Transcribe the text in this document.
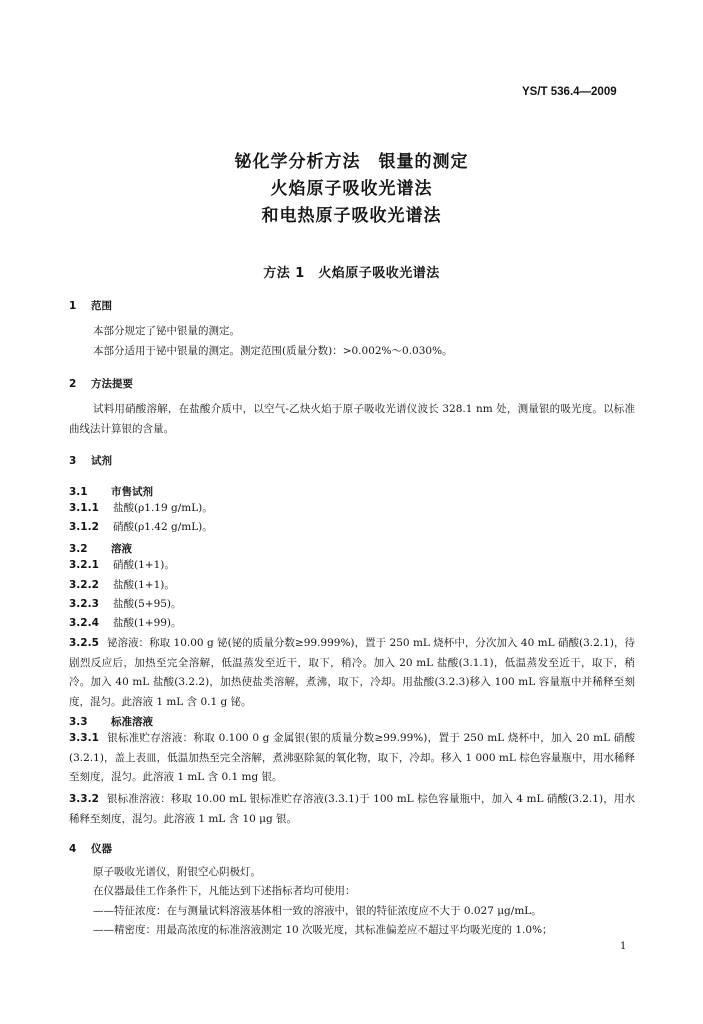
YS/T 536.4—2009
铋化学分析方法　银量的测定
火焰原子吸收光谱法
和电热原子吸收光谱法
方法 1　火焰原子吸收光谱法
1 范围
本部分规定了铋中银量的测定。
本部分适用于铋中银量的测定。测定范围(质量分数)：>0.002%～0.030%。
2 方法提要
试料用硝酸溶解，在盐酸介质中，以空气-乙炔火焰于原子吸收光谱仪波长 328.1 nm 处，测量银的吸光度。以标准曲线法计算银的含量。
3 试剂
3.1 市售试剂
3.1.1 盐酸(ρ1.19 g/mL)。
3.1.2 硝酸(ρ1.42 g/mL)。
3.2 溶液
3.2.1 硝酸(1+1)。
3.2.2 盐酸(1+1)。
3.2.3 盐酸(5+95)。
3.2.4 盐酸(1+99)。
3.2.5 铋溶液：称取 10.00 g 铋(铋的质量分数≥99.999%)，置于 250 mL 烧杯中，分次加入 40 mL 硝酸(3.2.1)，待剧烈反应后，加热至完全溶解，低温蒸发至近干，取下，稍冷。加入 20 mL 盐酸(3.1.1)，低温蒸发至近干，取下，稍冷。加入 40 mL 盐酸(3.2.2)，加热使盐类溶解，煮沸，取下，冷却。用盐酸(3.2.3)移入 100 mL 容量瓶中并稀释至刻度，混匀。此溶液 1 mL 含 0.1 g 铋。
3.3 标准溶液
3.3.1 银标准贮存溶液：称取 0.100 0 g 金属银(银的质量分数≥99.99%)，置于 250 mL 烧杯中，加入 20 mL 硝酸(3.2.1)，盖上表皿，低温加热至完全溶解，煮沸驱除氮的氧化物，取下，冷却。移入 1 000 mL 棕色容量瓶中，用水稀释至刻度，混匀。此溶液 1 mL 含 0.1 mg 银。
3.3.2 银标准溶液：移取 10.00 mL 银标准贮存溶液(3.3.1)于 100 mL 棕色容量瓶中，加入 4 mL 硝酸(3.2.1)，用水稀释至刻度，混匀。此溶液 1 mL 含 10 μg 银。
4 仪器
原子吸收光谱仪，附银空心阴极灯。
在仪器最佳工作条件下，凡能达到下述指标者均可使用：
——特征浓度：在与测量试料溶液基体相一致的溶液中，银的特征浓度应不大于 0.027 μg/mL。
——精密度：用最高浓度的标准溶液测定 10 次吸光度，其标准偏差应不超过平均吸光度的 1.0%；
1
